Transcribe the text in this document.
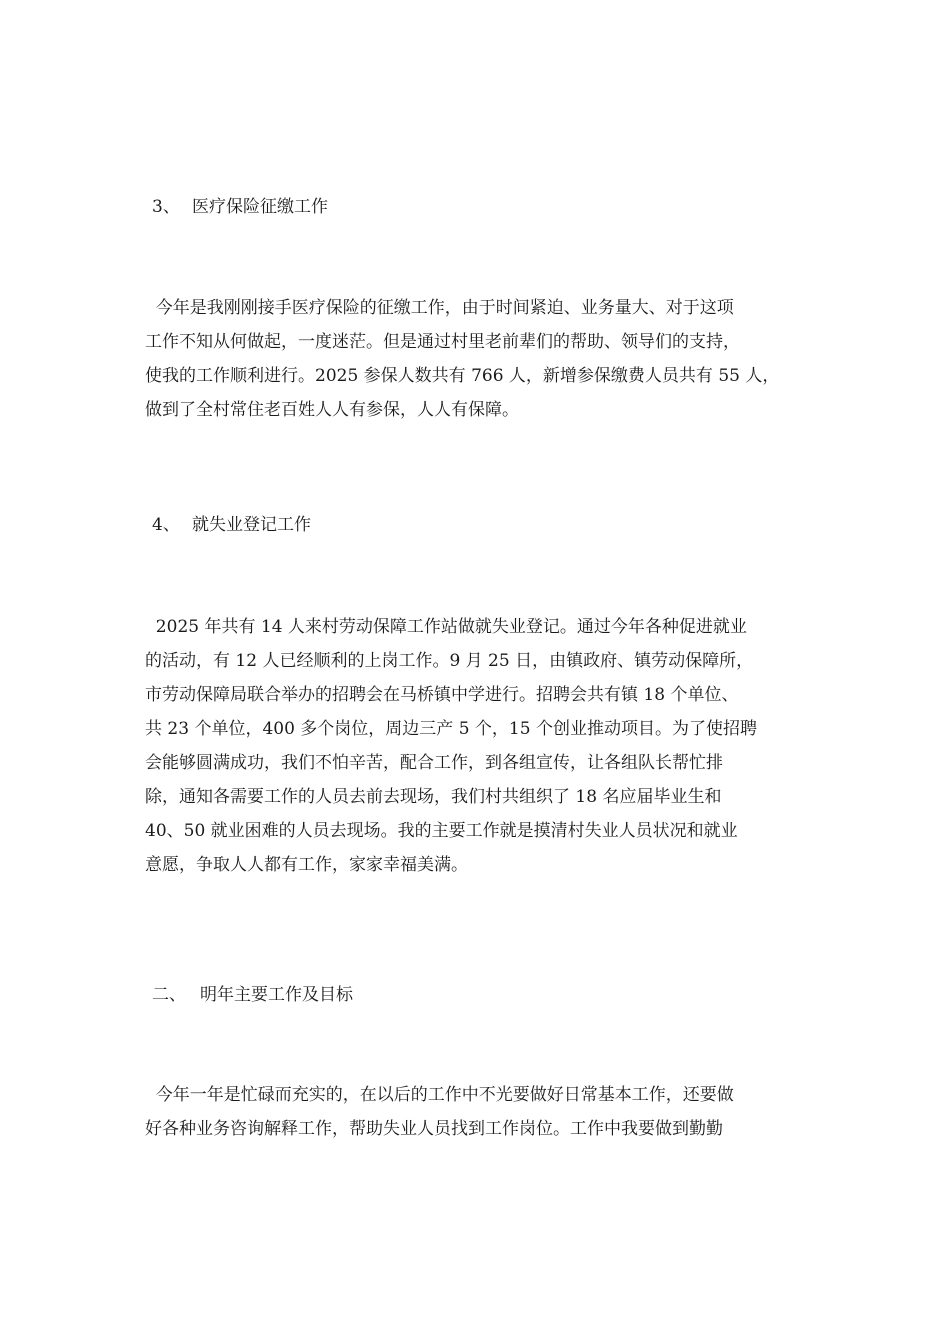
3、 医疗保险征缴工作
今年是我刚刚接手医疗保险的征缴工作，由于时间紧迫、业务量大、对于这项
工作不知从何做起，一度迷茫。但是通过村里老前辈们的帮助、领导们的支持，
使我的工作顺利进行。2025 参保人数共有 766 人，新增参保缴费人员共有 55 人，
做到了全村常住老百姓人人有参保，人人有保障。
4、 就失业登记工作
2025 年共有 14 人来村劳动保障工作站做就失业登记。通过今年各种促进就业
的活动，有 12 人已经顺利的上岗工作。9 月 25 日，由镇政府、镇劳动保障所，
市劳动保障局联合举办的招聘会在马桥镇中学进行。招聘会共有镇 18 个单位、
共 23 个单位，400 多个岗位，周边三产 5 个，15 个创业推动项目。为了使招聘
会能够圆满成功，我们不怕辛苦，配合工作，到各组宣传，让各组队长帮忙排
除，通知各需要工作的人员去前去现场，我们村共组织了 18 名应届毕业生和
40、50 就业困难的人员去现场。我的主要工作就是摸清村失业人员状况和就业
意愿，争取人人都有工作，家家幸福美满。
二、 明年主要工作及目标
今年一年是忙碌而充实的，在以后的工作中不光要做好日常基本工作，还要做
好各种业务咨询解释工作，帮助失业人员找到工作岗位。工作中我要做到勤勤
